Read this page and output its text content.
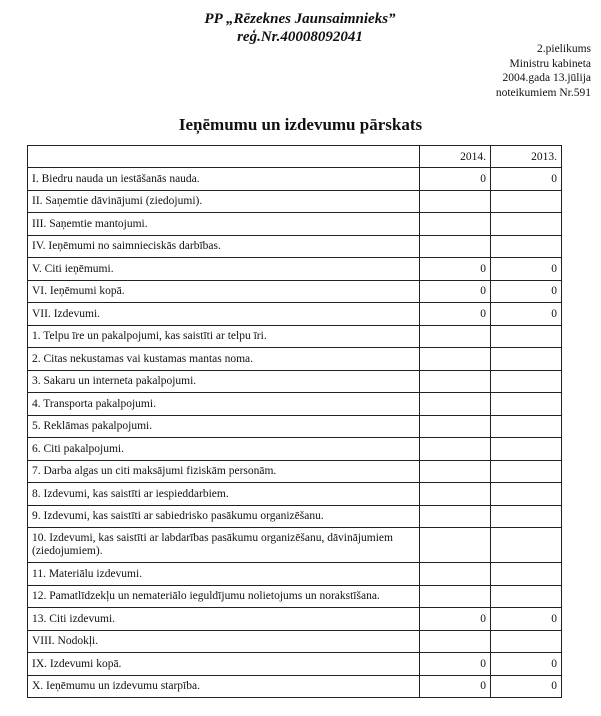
PP „Rēzeknes Jaunsaimnieks”
reģ.Nr.40008092041
2.pielikums
Ministru kabineta
2004.gada 13.jūlija
noteikumiem Nr.591
Ieņēmumu un izdevumu pārskats
	2014.	2013.
I. Biedru nauda un iestāšanās nauda.	0	0
II. Saņemtie dāvinājumi (ziedojumi).		
III. Saņemtie mantojumi.		
IV. Ieņēmumi no saimnieciskās darbības.		
V. Citi ieņēmumi.	0	0
VI. Ieņēmumi kopā.	0	0
VII. Izdevumi.	0	0
1. Telpu īre un pakalpojumi, kas saistīti ar telpu īri.		
2. Citas nekustamas vai kustamas mantas noma.		
3. Sakaru un interneta pakalpojumi.		
4. Transporta pakalpojumi.		
5. Reklāmas pakalpojumi.		
6. Citi pakalpojumi.		
7. Darba algas un citi maksājumi fiziskām personām.		
8. Izdevumi, kas saistīti ar iespieddarbiem.		
9. Izdevumi, kas saistīti ar sabiedrisko pasākumu organizēšanu.		
10. Izdevumi, kas saistīti ar labdarības pasākumu organizēšanu, dāvinājumiem (ziedojumiem).		
11. Materiālu izdevumi.		
12. Pamatlīdzekļu un nemateriālo ieguldījumu nolietojums un norakstīšana.		
13. Citi izdevumi.	0	0
VIII. Nodokļi.		
IX. Izdevumi kopā.	0	0
X. Ieņēmumu un izdevumu starpība.	0	0
